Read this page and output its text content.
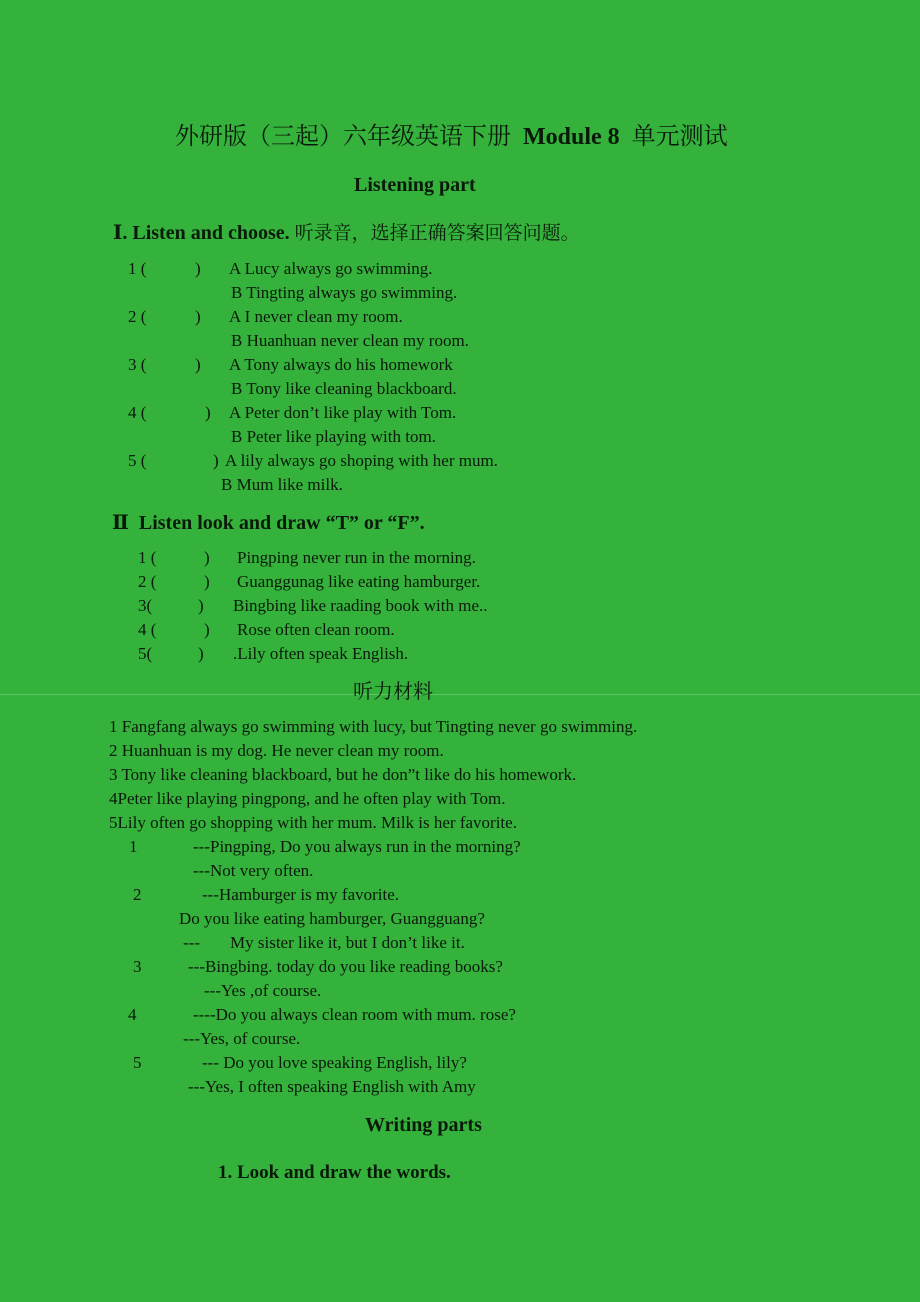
外研版（三起）六年级英语下册 Module 8 单元测试
Listening part
Ⅰ. Listen and choose. 听录音，选择正确答案回答问题。
1 (	) A Lucy always go swimming.
B Tingting always go swimming.
2 (	) A I never clean my room.
B Huanhuan never clean my room.
3 (	) A Tony always do his homework
B Tony like cleaning blackboard.
4 (	) A Peter don’t like play with Tom.
B Peter like playing with tom.
5 (	) A lily always go shoping with her mum.
B Mum like milk.
Ⅱ Listen look and draw “T” or “F”.
1 (	) Pingping never run in the morning.
2 (	) Guanggunag like eating hamburger.
3(	) Bingbing like raading book with me..
4 (	) Rose often clean room.
5(	) .Lily often speak English.
听力材料
1 Fangfang always go swimming with lucy, but Tingting never go swimming.
2 Huanhuan is my dog. He never clean my room.
3 Tony like cleaning blackboard, but he don”t like do his homework.
4Peter like playing pingpong, and he often play with Tom.
5Lily often go shopping with her mum. Milk is her favorite.
1	---Pingping, Do you always run in the morning?
---Not very often.
2	---Hamburger is my favorite.
Do you like eating hamburger, Guangguang?
--- My sister like it, but I don’t like it.
3	---Bingbing. today do you like reading books?
---Yes ,of course.
4	----Do you always clean room with mum. rose?
---Yes, of course.
5	--- Do you love speaking English, lily?
---Yes, I often speaking English with Amy
Writing parts
1. Look and draw the words.
